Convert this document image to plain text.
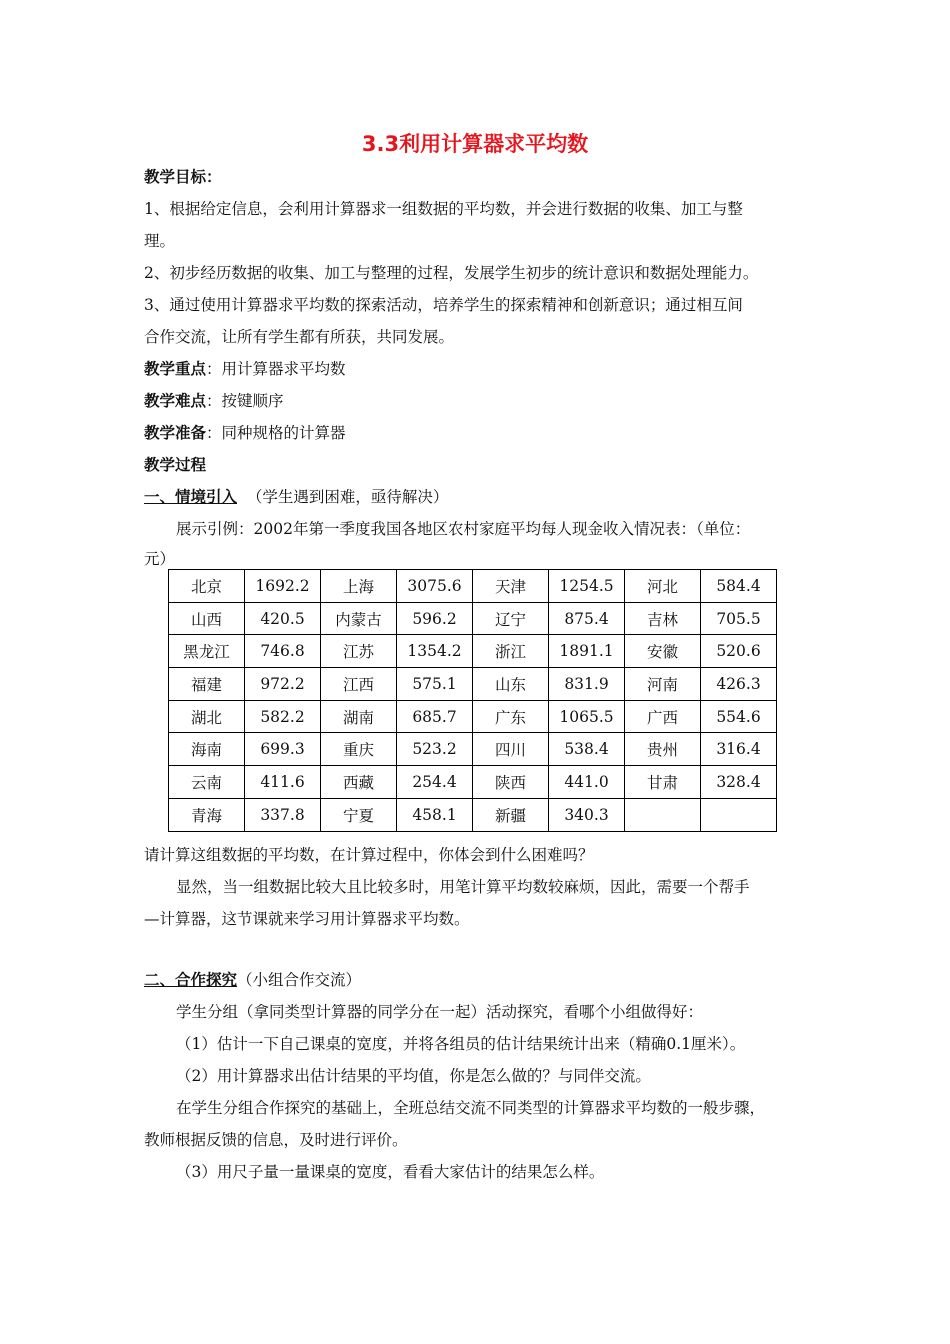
3.3利用计算器求平均数
教学目标：
1、根据给定信息，会利用计算器求一组数据的平均数，并会进行数据的收集、加工与整
理。
2、初步经历数据的收集、加工与整理的过程，发展学生初步的统计意识和数据处理能力。
3、通过使用计算器求平均数的探索活动，培养学生的探索精神和创新意识；通过相互间
合作交流，让所有学生都有所获，共同发展。
教学重点：用计算器求平均数
教学难点：按键顺序
教学准备：同种规格的计算器
教学过程
一、情境引入 （学生遇到困难，亟待解决）
展示引例：2002年第一季度我国各地区农村家庭平均每人现金收入情况表：（单位：
元）
北京	1692.2	上海	3075.6	天津	1254.5	河北	584.4
山西	420.5	内蒙古	596.2	辽宁	875.4	吉林	705.5
黑龙江	746.8	江苏	1354.2	浙江	1891.1	安徽	520.6
福建	972.2	江西	575.1	山东	831.9	河南	426.3
湖北	582.2	湖南	685.7	广东	1065.5	广西	554.6
海南	699.3	重庆	523.2	四川	538.4	贵州	316.4
云南	411.6	西藏	254.4	陕西	441.0	甘肃	328.4
青海	337.8	宁夏	458.1	新疆	340.3		
请计算这组数据的平均数，在计算过程中，你体会到什么困难吗？
显然，当一组数据比较大且比较多时，用笔计算平均数较麻烦，因此，需要一个帮手
—计算器，这节课就来学习用计算器求平均数。
二、合作探究（小组合作交流）
学生分组（拿同类型计算器的同学分在一起）活动探究，看哪个小组做得好：
（1）估计一下自己课桌的宽度，并将各组员的估计结果统计出来（精确0.1厘米）。
（2）用计算器求出估计结果的平均值，你是怎么做的？与同伴交流。
在学生分组合作探究的基础上，全班总结交流不同类型的计算器求平均数的一般步骤，
教师根据反馈的信息，及时进行评价。
（3）用尺子量一量课桌的宽度，看看大家估计的结果怎么样。
